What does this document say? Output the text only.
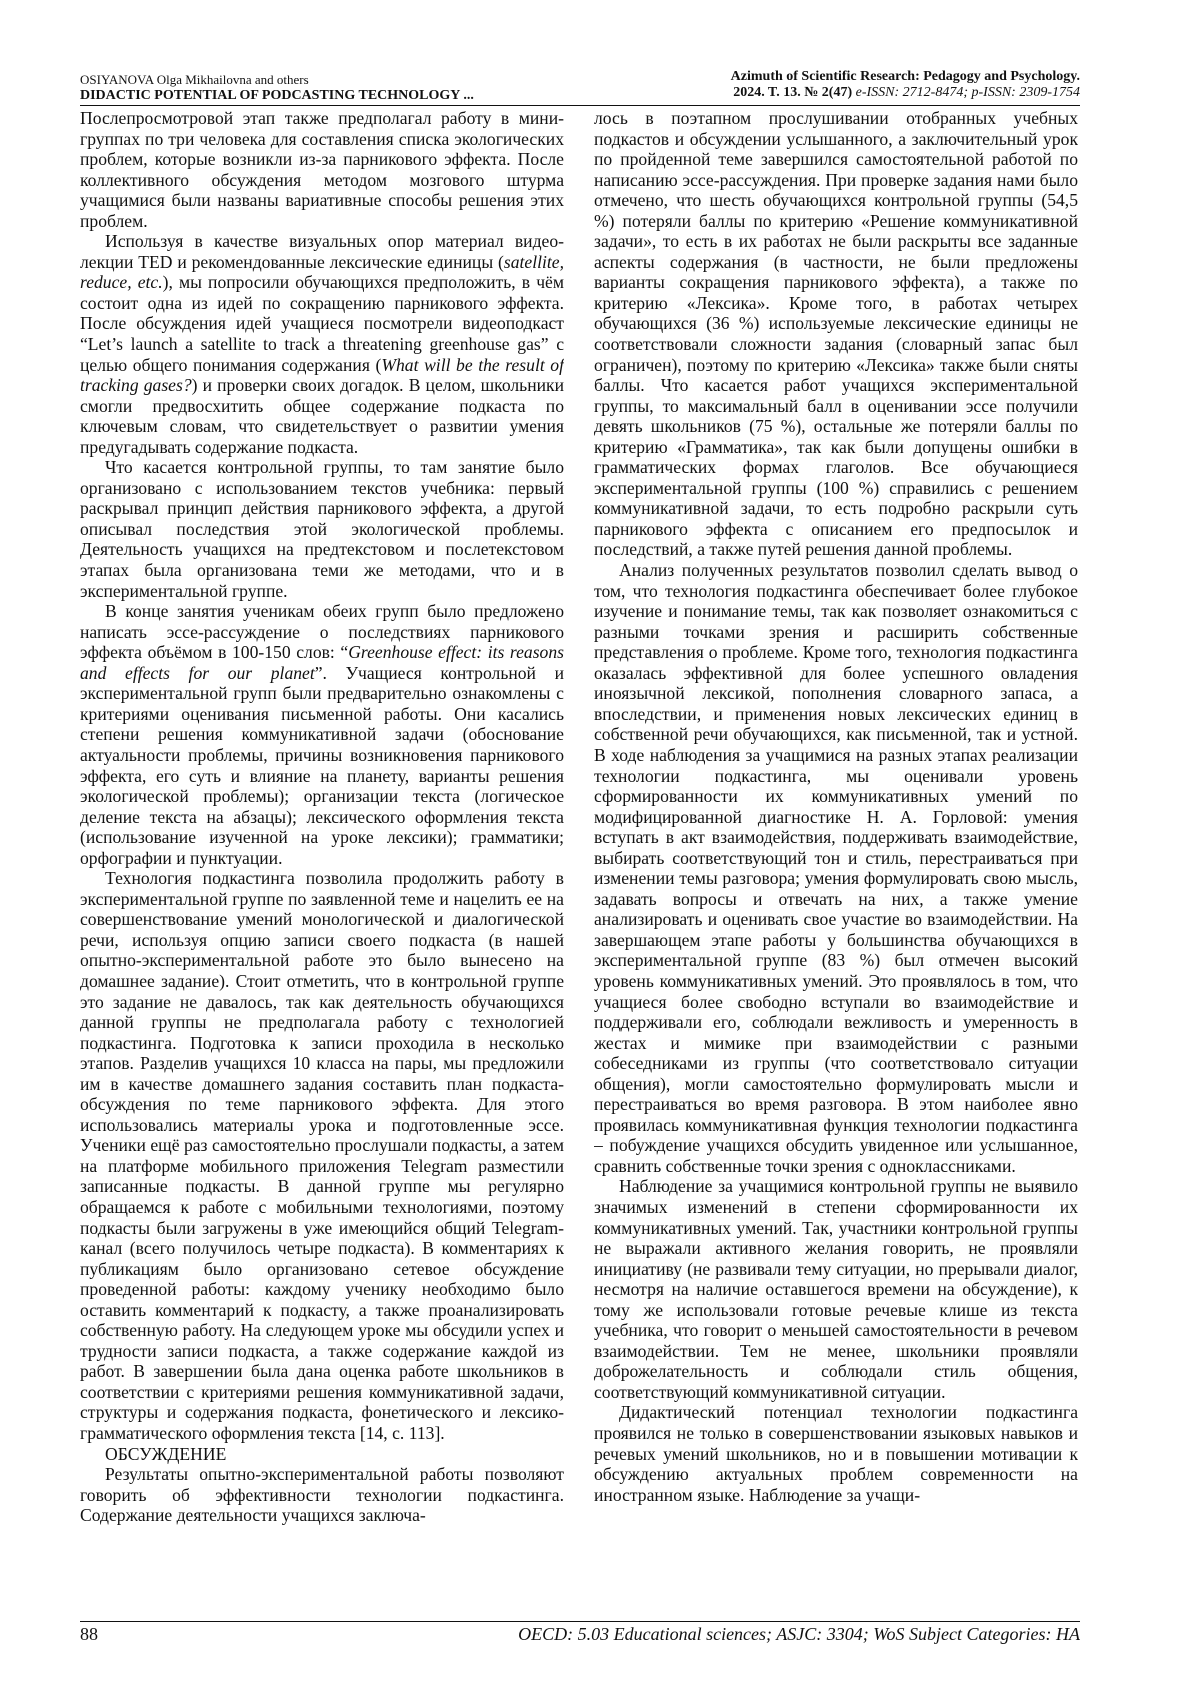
OSIYANOVA Olga Mikhailovna and others
DIDACTIC POTENTIAL OF PODCASTING TECHNOLOGY ...
Azimuth of Scientific Research: Pedagogy and Psychology.
2024. T. 13. № 2(47) e-ISSN: 2712-8474; p-ISSN: 2309-1754

Послепросмотровой этап также предполагал работу в мини-группах по три человека для составления списка экологических проблем, которые возникли из-за парникового эффекта. После коллективного обсуждения методом мозгового штурма учащимися были названы вариативные способы решения этих проблем.

Используя в качестве визуальных опор материал видео-лекции TED и рекомендованные лексические единицы (satellite, reduce, etc.), мы попросили обучающихся предположить, в чём состоит одна из идей по сокращению парникового эффекта. После обсуждения идей учащиеся посмотрели видеоподкаст “Let’s launch a satellite to track a threatening greenhouse gas” с целью общего понимания содержания (What will be the result of tracking gases?) и проверки своих догадок. В целом, школьники смогли предвосхитить общее содержание подкаста по ключевым словам, что свидетельствует о развитии умения предугадывать содержание подкаста.

Что касается контрольной группы, то там занятие было организовано с использованием текстов учебника: первый раскрывал принцип действия парникового эффекта, а другой описывал последствия этой экологической проблемы. Деятельность учащихся на предтекстовом и послетекстовом этапах была организована теми же методами, что и в экспериментальной группе.

В конце занятия ученикам обеих групп было предложено написать эссе-рассуждение о последствиях парникового эффекта объёмом в 100-150 слов: “Greenhouse effect: its reasons and effects for our planet”. Учащиеся контрольной и экспериментальной групп были предварительно ознакомлены с критериями оценивания письменной работы. Они касались степени решения коммуникативной задачи (обоснование актуальности проблемы, причины возникновения парникового эффекта, его суть и влияние на планету, варианты решения экологической проблемы); организации текста (логическое деление текста на абзацы); лексического оформления текста (использование изученной на уроке лексики); грамматики; орфографии и пунктуации.

Технология подкастинга позволила продолжить работу в экспериментальной группе по заявленной теме и нацелить ее на совершенствование умений монологической и диалогической речи, используя опцию записи своего подкаста (в нашей опытно-экспериментальной работе это было вынесено на домашнее задание). Стоит отметить, что в контрольной группе это задание не давалось, так как деятельность обучающихся данной группы не предполагала работу с технологией подкастинга. Подготовка к записи проходила в несколько этапов. Разделив учащихся 10 класса на пары, мы предложили им в качестве домашнего задания составить план подкаста-обсуждения по теме парникового эффекта. Для этого использовались материалы урока и подготовленные эссе. Ученики ещё раз самостоятельно прослушали подкасты, а затем на платформе мобильного приложения Telegram разместили записанные подкасты. В данной группе мы регулярно обращаемся к работе с мобильными технологиями, поэтому подкасты были загружены в уже имеющийся общий Telegram-канал (всего получилось четыре подкаста). В комментариях к публикациям было организовано сетевое обсуждение проведенной работы: каждому ученику необходимо было оставить комментарий к подкасту, а также проанализировать собственную работу. На следующем уроке мы обсудили успех и трудности записи подкаста, а также содержание каждой из работ. В завершении была дана оценка работе школьников в соответствии с критериями решения коммуникативной задачи, структуры и содержания подкаста, фонетического и лексико-грамматического оформления текста [14, с. 113].

ОБСУЖДЕНИЕ

Результаты опытно-экспериментальной работы позволяют говорить об эффективности технологии подкастинга. Содержание деятельности учащихся заключа-

лось в поэтапном прослушивании отобранных учебных подкастов и обсуждении услышанного, а заключительный урок по пройденной теме завершился самостоятельной работой по написанию эссе-рассуждения. При проверке задания нами было отмечено, что шесть обучающихся контрольной группы (54,5 %) потеряли баллы по критерию «Решение коммуникативной задачи», то есть в их работах не были раскрыты все заданные аспекты содержания (в частности, не были предложены варианты сокращения парникового эффекта), а также по критерию «Лексика». Кроме того, в работах четырех обучающихся (36 %) используемые лексические единицы не соответствовали сложности задания (словарный запас был ограничен), поэтому по критерию «Лексика» также были сняты баллы. Что касается работ учащихся экспериментальной группы, то максимальный балл в оценивании эссе получили девять школьников (75 %), остальные же потеряли баллы по критерию «Грамматика», так как были допущены ошибки в грамматических формах глаголов. Все обучающиеся экспериментальной группы (100 %) справились с решением коммуникативной задачи, то есть подробно раскрыли суть парникового эффекта с описанием его предпосылок и последствий, а также путей решения данной проблемы.

Анализ полученных результатов позволил сделать вывод о том, что технология подкастинга обеспечивает более глубокое изучение и понимание темы, так как позволяет ознакомиться с разными точками зрения и расширить собственные представления о проблеме. Кроме того, технология подкастинга оказалась эффективной для более успешного овладения иноязычной лексикой, пополнения словарного запаса, а впоследствии, и применения новых лексических единиц в собственной речи обучающихся, как письменной, так и устной. В ходе наблюдения за учащимися на разных этапах реализации технологии подкастинга, мы оценивали уровень сформированности их коммуникативных умений по модифицированной диагностике Н. А. Горловой: умения вступать в акт взаимодействия, поддерживать взаимодействие, выбирать соответствующий тон и стиль, перестраиваться при изменении темы разговора; умения формулировать свою мысль, задавать вопросы и отвечать на них, а также умение анализировать и оценивать свое участие во взаимодействии. На завершающем этапе работы у большинства обучающихся в экспериментальной группе (83 %) был отмечен высокий уровень коммуникативных умений. Это проявлялось в том, что учащиеся более свободно вступали во взаимодействие и поддерживали его, соблюдали вежливость и умеренность в жестах и мимике при взаимодействии с разными собеседниками из группы (что соответствовало ситуации общения), могли самостоятельно формулировать мысли и перестраиваться во время разговора. В этом наиболее явно проявилась коммуникативная функция технологии подкастинга – побуждение учащихся обсудить увиденное или услышанное, сравнить собственные точки зрения с одноклассниками.

Наблюдение за учащимися контрольной группы не выявило значимых изменений в степени сформированности их коммуникативных умений. Так, участники контрольной группы не выражали активного желания говорить, не проявляли инициативу (не развивали тему ситуации, но прерывали диалог, несмотря на наличие оставшегося времени на обсуждение), к тому же использовали готовые речевые клише из текста учебника, что говорит о меньшей самостоятельности в речевом взаимодействии. Тем не менее, школьники проявляли доброжелательность и соблюдали стиль общения, соответствующий коммуникативной ситуации.

Дидактический потенциал технологии подкастинга проявился не только в совершенствовании языковых навыков и речевых умений школьников, но и в повышении мотивации к обсуждению актуальных проблем современности на иностранном языке. Наблюдение за учащи-

88	OECD: 5.03 Educational sciences; ASJC: 3304; WoS Subject Categories: HA
